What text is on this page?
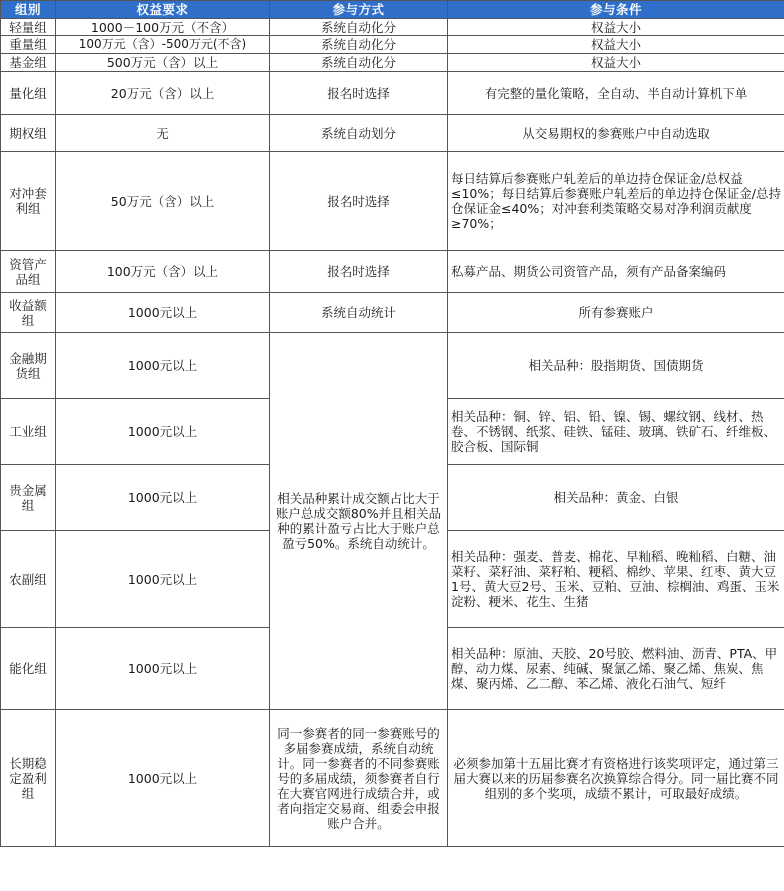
组别	权益要求	参与方式	参与条件
轻量组	1000－100万元（不含）	系统自动化分	权益大小
重量组	100万元（含）-500万元(不含)	系统自动化分	权益大小
基金组	500万元（含）以上	系统自动化分	权益大小
量化组	20万元（含）以上	报名时选择	有完整的量化策略，全自动、半自动计算机下单
期权组	无	系统自动划分	从交易期权的参赛账户中自动选取
对冲套利组	50万元（含）以上	报名时选择	每日结算后参赛账户轧差后的单边持仓保证金/总权益≤10%；每日结算后参赛账户轧差后的单边持仓保证金/总持仓保证金≤40%；对冲套利类策略交易对净利润贡献度≥70%；
资管产品组	100万元（含）以上	报名时选择	私募产品、期货公司资管产品，须有产品备案编码
收益额组	1000元以上	系统自动统计	所有参赛账户
金融期货组	1000元以上	相关品种累计成交额占比大于账户总成交额80%并且相关品种的累计盈亏占比大于账户总盈亏50%。系统自动统计。	相关品种：股指期货、国债期货
工业组	1000元以上		相关品种：铜、锌、铝、铅、镍、锡、螺纹钢、线材、热卷、不锈钢、纸浆、硅铁、锰硅、玻璃、铁矿石、纤维板、胶合板、国际铜
贵金属组	1000元以上		相关品种：黄金、白银
农副组	1000元以上		相关品种：强麦、普麦、棉花、早籼稻、晚籼稻、白糖、油菜籽、菜籽油、菜籽粕、粳稻、棉纱、苹果、红枣、黄大豆1号、黄大豆2号、玉米、豆粕、豆油、棕榈油、鸡蛋、玉米淀粉、粳米、花生、生猪
能化组	1000元以上		相关品种：原油、天胶、20号胶、燃料油、沥青、PTA、甲醇、动力煤、尿素、纯碱、聚氯乙烯、聚乙烯、焦炭、焦煤、聚丙烯、乙二醇、苯乙烯、液化石油气、短纤
长期稳定盈利组	1000元以上	同一参赛者的同一参赛账号的多届参赛成绩，系统自动统计。同一参赛者的不同参赛账号的多届成绩，须参赛者自行在大赛官网进行成绩合并，或者向指定交易商、组委会申报账户合并。	必须参加第十五届比赛才有资格进行该奖项评定，通过第三届大赛以来的历届参赛名次换算综合得分。同一届比赛不同组别的多个奖项，成绩不累计，可取最好成绩。
